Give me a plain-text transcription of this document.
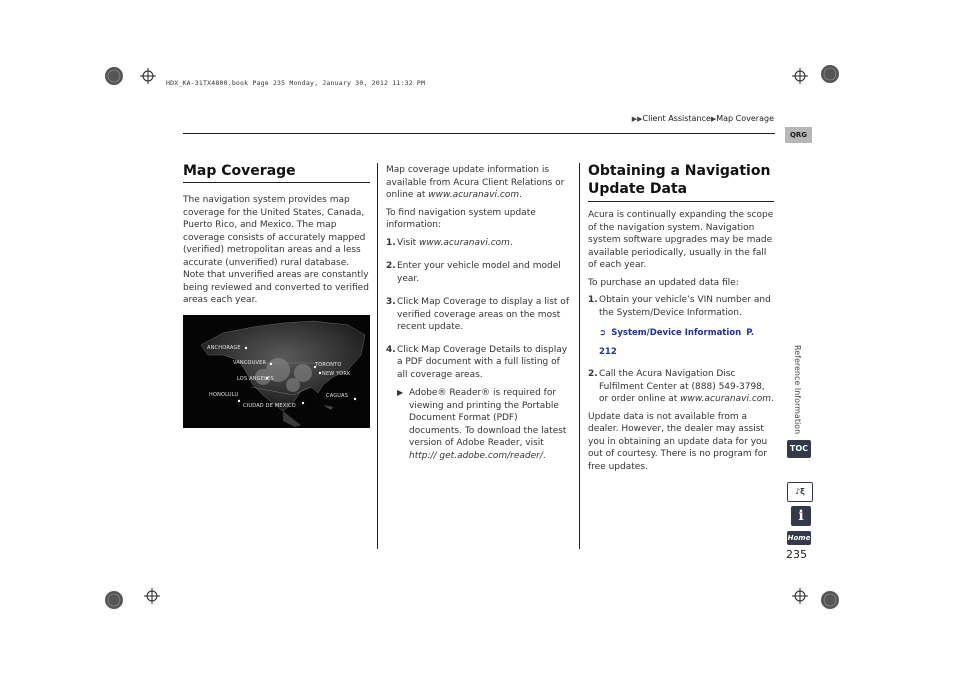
HDX_KA-31TX4800.book Page 235 Monday, January 30, 2012 11:32 PM
▶▶Client Assistance▶Map Coverage
QRG
Map Coverage

The navigation system provides map coverage for the United States, Canada, Puerto Rico, and Mexico. The map coverage consists of accurately mapped (verified) metropolitan areas and a less accurate (unverified) rural database. Note that unverified areas are constantly being reviewed and converted to verified areas each year.

ANCHORAGE
VANCOUVER	TORONTO
NEW YORK
LOS ANGELES
HONOLULU
CIUDAD DE MEXICO
CAGUAS

Map coverage update information is available from Acura Client Relations or online at www.acuranavi.com.

To find navigation system update information:

1. Visit www.acuranavi.com.
2. Enter your vehicle model and model year.
3. Click Map Coverage to display a list of verified coverage areas on the most recent update.
4. Click Map Coverage Details to display a PDF document with a full listing of all coverage areas.
▶ Adobe® Reader® is required for viewing and printing the Portable Document Format (PDF) documents. To download the latest version of Adobe Reader, visit http:// get.adobe.com/reader/.
Obtaining a Navigation Update Data

Acura is continually expanding the scope of the navigation system. Navigation system software upgrades may be made available periodically, usually in the fall of each year.

To purchase an updated data file:

1. Obtain your vehicle’s VIN number and the System/Device Information.
➲ System/Device Information P. 212
2. Call the Acura Navigation Disc Fulfilment Center at (888) 549-3798, or order online at www.acuranavi.com.

Update data is not available from a dealer. However, the dealer may assist you in obtaining an update data for you out of courtesy. There is no program for free updates.

Reference Information
TOC
♪ξ
i
Home
235
